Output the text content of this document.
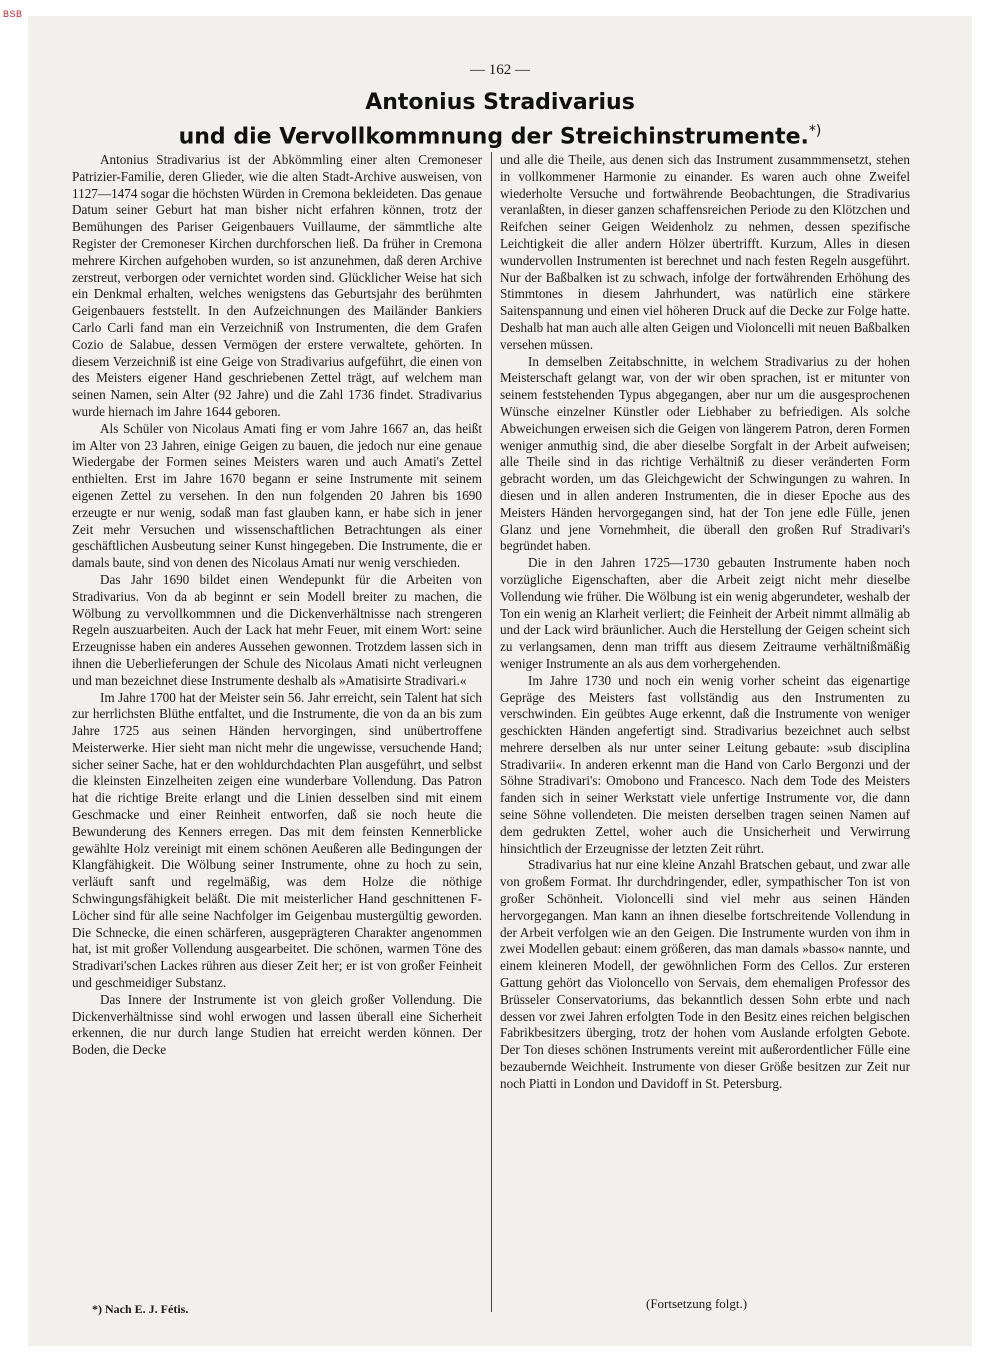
BSB
— 162 —
Antonius Stradivarius
und die Vervollkommnung der Streichinstrumente.*)

Antonius Stradivarius ist der Abkömmling einer alten Cremoneser Patrizier-Familie, deren Glieder, wie die alten Stadt-Archive ausweisen, von 1127—1474 sogar die höchsten Würden in Cremona bekleideten. Das genaue Datum seiner Geburt hat man bisher nicht erfahren können, trotz der Bemühungen des Pariser Geigenbauers Vuillaume, der sämmtliche alte Register der Cremoneser Kirchen durchforschen ließ. Da früher in Cremona mehrere Kirchen aufgehoben wurden, so ist anzunehmen, daß deren Archive zerstreut, verborgen oder vernichtet worden sind. Glücklicher Weise hat sich ein Denkmal erhalten, welches wenigstens das Geburtsjahr des berühmten Geigenbauers feststellt. In den Aufzeichnungen des Mailänder Bankiers Carlo Carli fand man ein Verzeichniß von Instrumenten, die dem Grafen Cozio de Salabue, dessen Vermögen der erstere verwaltete, gehörten. In diesem Verzeichniß ist eine Geige von Stradivarius aufgeführt, die einen von des Meisters eigener Hand geschriebenen Zettel trägt, auf welchem man seinen Namen, sein Alter (92 Jahre) und die Zahl 1736 findet. Stradivarius wurde hiernach im Jahre 1644 geboren.

Als Schüler von Nicolaus Amati fing er vom Jahre 1667 an, das heißt im Alter von 23 Jahren, einige Geigen zu bauen, die jedoch nur eine genaue Wiedergabe der Formen seines Meisters waren und auch Amati's Zettel enthielten. Erst im Jahre 1670 begann er seine Instrumente mit seinem eigenen Zettel zu versehen. In den nun folgenden 20 Jahren bis 1690 erzeugte er nur wenig, sodaß man fast glauben kann, er habe sich in jener Zeit mehr Versuchen und wissenschaftlichen Betrachtungen als einer geschäftlichen Ausbeutung seiner Kunst hingegeben. Die Instrumente, die er damals baute, sind von denen des Nicolaus Amati nur wenig verschieden.

Das Jahr 1690 bildet einen Wendepunkt für die Arbeiten von Stradivarius. Von da ab beginnt er sein Modell breiter zu machen, die Wölbung zu vervollkommnen und die Dickenverhältnisse nach strengeren Regeln auszuarbeiten. Auch der Lack hat mehr Feuer, mit einem Wort: seine Erzeugnisse haben ein anderes Aussehen gewonnen. Trotzdem lassen sich in ihnen die Ueberlieferungen der Schule des Nicolaus Amati nicht verleugnen und man bezeichnet diese Instrumente deshalb als »Amatisirte Stradivari.«

Im Jahre 1700 hat der Meister sein 56. Jahr erreicht, sein Talent hat sich zur herrlichsten Blüthe entfaltet, und die Instrumente, die von da an bis zum Jahre 1725 aus seinen Händen hervorgingen, sind unübertroffene Meisterwerke. Hier sieht man nicht mehr die ungewisse, versuchende Hand; sicher seiner Sache, hat er den wohldurchdachten Plan ausgeführt, und selbst die kleinsten Einzelheiten zeigen eine wunderbare Vollendung. Das Patron hat die richtige Breite erlangt und die Linien desselben sind mit einem Geschmacke und einer Reinheit entworfen, daß sie noch heute die Bewunderung des Kenners erregen. Das mit dem feinsten Kennerblicke gewählte Holz vereinigt mit einem schönen Aeußeren alle Bedingungen der Klangfähigkeit. Die Wölbung seiner Instrumente, ohne zu hoch zu sein, verläuft sanft und regelmäßig, was dem Holze die nöthige Schwingungsfähigkeit beläßt. Die mit meisterlicher Hand geschnittenen F-Löcher sind für alle seine Nachfolger im Geigenbau mustergültig geworden. Die Schnecke, die einen schärferen, ausgeprägteren Charakter angenommen hat, ist mit großer Vollendung ausgearbeitet. Die schönen, warmen Töne des Stradivari'schen Lackes rühren aus dieser Zeit her; er ist von großer Feinheit und geschmeidiger Substanz.

Das Innere der Instrumente ist von gleich großer Vollendung. Die Dickenverhältnisse sind wohl erwogen und lassen überall eine Sicherheit erkennen, die nur durch lange Studien hat erreicht werden können. Der Boden, die Decke

und alle die Theile, aus denen sich das Instrument zusammmensetzt, stehen in vollkommener Harmonie zu einander. Es waren auch ohne Zweifel wiederholte Versuche und fortwährende Beobachtungen, die Stradivarius veranlaßten, in dieser ganzen schaffensreichen Periode zu den Klötzchen und Reifchen seiner Geigen Weidenholz zu nehmen, dessen spezifische Leichtigkeit die aller andern Hölzer übertrifft. Kurzum, Alles in diesen wundervollen Instrumenten ist berechnet und nach festen Regeln ausgeführt. Nur der Baßbalken ist zu schwach, infolge der fortwährenden Erhöhung des Stimmtones in diesem Jahrhundert, was natürlich eine stärkere Saitenspannung und einen viel höheren Druck auf die Decke zur Folge hatte. Deshalb hat man auch alle alten Geigen und Violoncelli mit neuen Baßbalken versehen müssen.

In demselben Zeitabschnitte, in welchem Stradivarius zu der hohen Meisterschaft gelangt war, von der wir oben sprachen, ist er mitunter von seinem feststehenden Typus abgegangen, aber nur um die ausgesprochenen Wünsche einzelner Künstler oder Liebhaber zu befriedigen. Als solche Abweichungen erweisen sich die Geigen von längerem Patron, deren Formen weniger anmuthig sind, die aber dieselbe Sorgfalt in der Arbeit aufweisen; alle Theile sind in das richtige Verhältniß zu dieser veränderten Form gebracht worden, um das Gleichgewicht der Schwingungen zu wahren. In diesen und in allen anderen Instrumenten, die in dieser Epoche aus des Meisters Händen hervorgegangen sind, hat der Ton jene edle Fülle, jenen Glanz und jene Vornehmheit, die überall den großen Ruf Stradivari's begründet haben.

Die in den Jahren 1725—1730 gebauten Instrumente haben noch vorzügliche Eigenschaften, aber die Arbeit zeigt nicht mehr dieselbe Vollendung wie früher. Die Wölbung ist ein wenig abgerundeter, weshalb der Ton ein wenig an Klarheit verliert; die Feinheit der Arbeit nimmt allmälig ab und der Lack wird bräunlicher. Auch die Herstellung der Geigen scheint sich zu verlangsamen, denn man trifft aus diesem Zeitraume verhältnißmäßig weniger Instrumente an als aus dem vorhergehenden.

Im Jahre 1730 und noch ein wenig vorher scheint das eigenartige Gepräge des Meisters fast vollständig aus den Instrumenten zu verschwinden. Ein geübtes Auge erkennt, daß die Instrumente von weniger geschickten Händen angefertigt sind. Stradivarius bezeichnet auch selbst mehrere derselben als nur unter seiner Leitung gebaute: »sub disciplina Stradivarii«. In anderen erkennt man die Hand von Carlo Bergonzi und der Söhne Stradivari's: Omobono und Francesco. Nach dem Tode des Meisters fanden sich in seiner Werkstatt viele unfertige Instrumente vor, die dann seine Söhne vollendeten. Die meisten derselben tragen seinen Namen auf dem gedrukten Zettel, woher auch die Unsicherheit und Verwirrung hinsichtlich der Erzeugnisse der letzten Zeit rührt.

Stradivarius hat nur eine kleine Anzahl Bratschen gebaut, und zwar alle von großem Format. Ihr durchdringender, edler, sympathischer Ton ist von großer Schönheit. Violoncelli sind viel mehr aus seinen Händen hervorgegangen. Man kann an ihnen dieselbe fortschreitende Vollendung in der Arbeit verfolgen wie an den Geigen. Die Instrumente wurden von ihm in zwei Modellen gebaut: einem größeren, das man damals »basso« nannte, und einem kleineren Modell, der gewöhnlichen Form des Cellos. Zur ersteren Gattung gehört das Violoncello von Servais, dem ehemaligen Professor des Brüsseler Conservatoriums, das bekanntlich dessen Sohn erbte und nach dessen vor zwei Jahren erfolgten Tode in den Besitz eines reichen belgischen Fabrikbesitzers überging, trotz der hohen vom Auslande erfolgten Gebote. Der Ton dieses schönen Instruments vereint mit außerordentlicher Fülle eine bezaubernde Weichheit. Instrumente von dieser Größe besitzen zur Zeit nur noch Piatti in London und Davidoff in St. Petersburg.

(Fortsetzung folgt.)
*) Nach E. J. Fétis.
